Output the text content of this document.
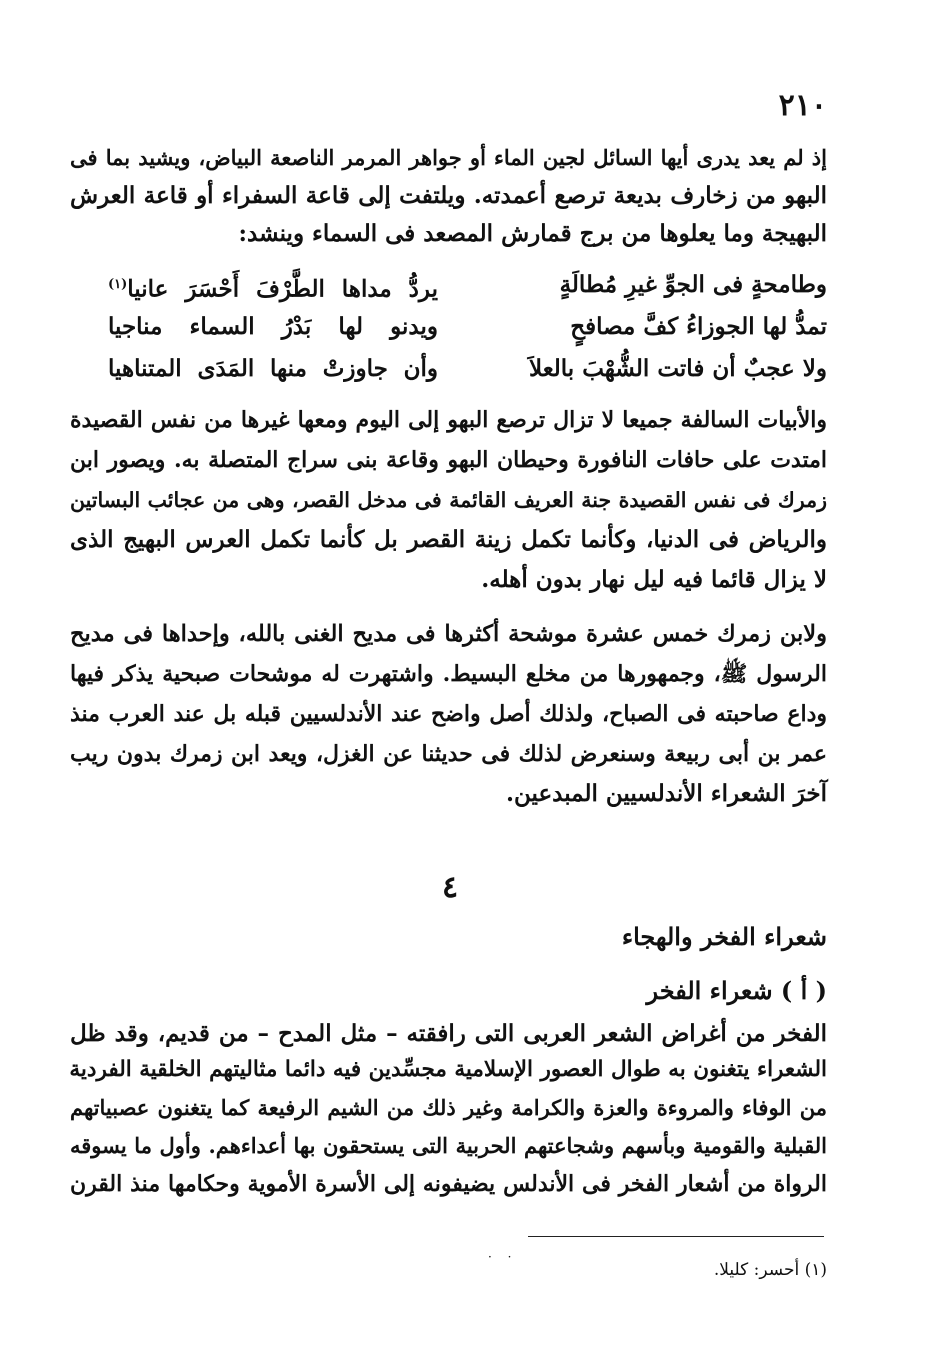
٢١٠
إذ لم يعد يدرى أيها السائل لجين الماء أو جواهر المرمر الناصعة البياض، ويشيد بما فى
البهو من زخارف بديعة ترصع أعمدته. ويلتفت إلى قاعة السفراء أو قاعة العرش
البهيجة وما يعلوها من برج قمارش المصعد فى السماء وينشد:
وطامحةٍ فى الجوِّ غيرِ مُطالَةٍ
يردُّ مداها الطَّرْفَ أَحْسَرَ عانيا$^{(١)}$
تمدُّ لها الجوزاءُ كفَّ مصافحٍ
ويدنو لها بَدْرُ السماء مناجيا
ولا عجبٌ أن فاتت الشُّهْبَ بالعلاَ
وأن جاوزتْ منها المَدَى المتناهيا
والأبيات السالفة جميعا لا تزال ترصع البهو إلى اليوم ومعها غيرها من نفس القصيدة
امتدت على حافات النافورة وحيطان البهو وقاعة بنى سراج المتصلة به. ويصور ابن
زمرك فى نفس القصيدة جنة العريف القائمة فى مدخل القصر، وهى من عجائب البساتين
والرياض فى الدنيا، وكأنما تكمل زينة القصر بل كأنما تكمل العرس البهيج الذى
لا يزال قائما فيه ليل نهار بدون أهله.
ولابن زمرك خمس عشرة موشحة أكثرها فى مديح الغنى بالله، وإحداها فى مديح
الرسول ﷺ، وجمهورها من مخلع البسيط. واشتهرت له موشحات صبحية يذكر فيها
وداع صاحبته فى الصباح، ولذلك أصل واضح عند الأندلسيين قبله بل عند العرب منذ
عمر بن أبى ربيعة وسنعرض لذلك فى حديثنا عن الغزل، ويعد ابن زمرك بدون ريب
آخرَ الشعراء الأندلسيين المبدعين.
٤
شعراء الفخر والهجاء
( أ ) شعراء الفخر
الفخر من أغراض الشعر العربى التى رافقته – مثل المدح – من قديم، وقد ظل
الشعراء يتغنون به طوال العصور الإسلامية مجسِّدين فيه دائما مثاليتهم الخلقية الفردية
من الوفاء والمروءة والعزة والكرامة وغير ذلك من الشيم الرفيعة كما يتغنون عصبياتهم
القبلية والقومية وبأسهم وشجاعتهم الحربية التى يستحقون بها أعداءهم. وأول ما يسوقه
الرواة من أشعار الفخر فى الأندلس يضيفونه إلى الأسرة الأموية وحكامها منذ القرن
· ·
(١) أحسر: كليلا.
